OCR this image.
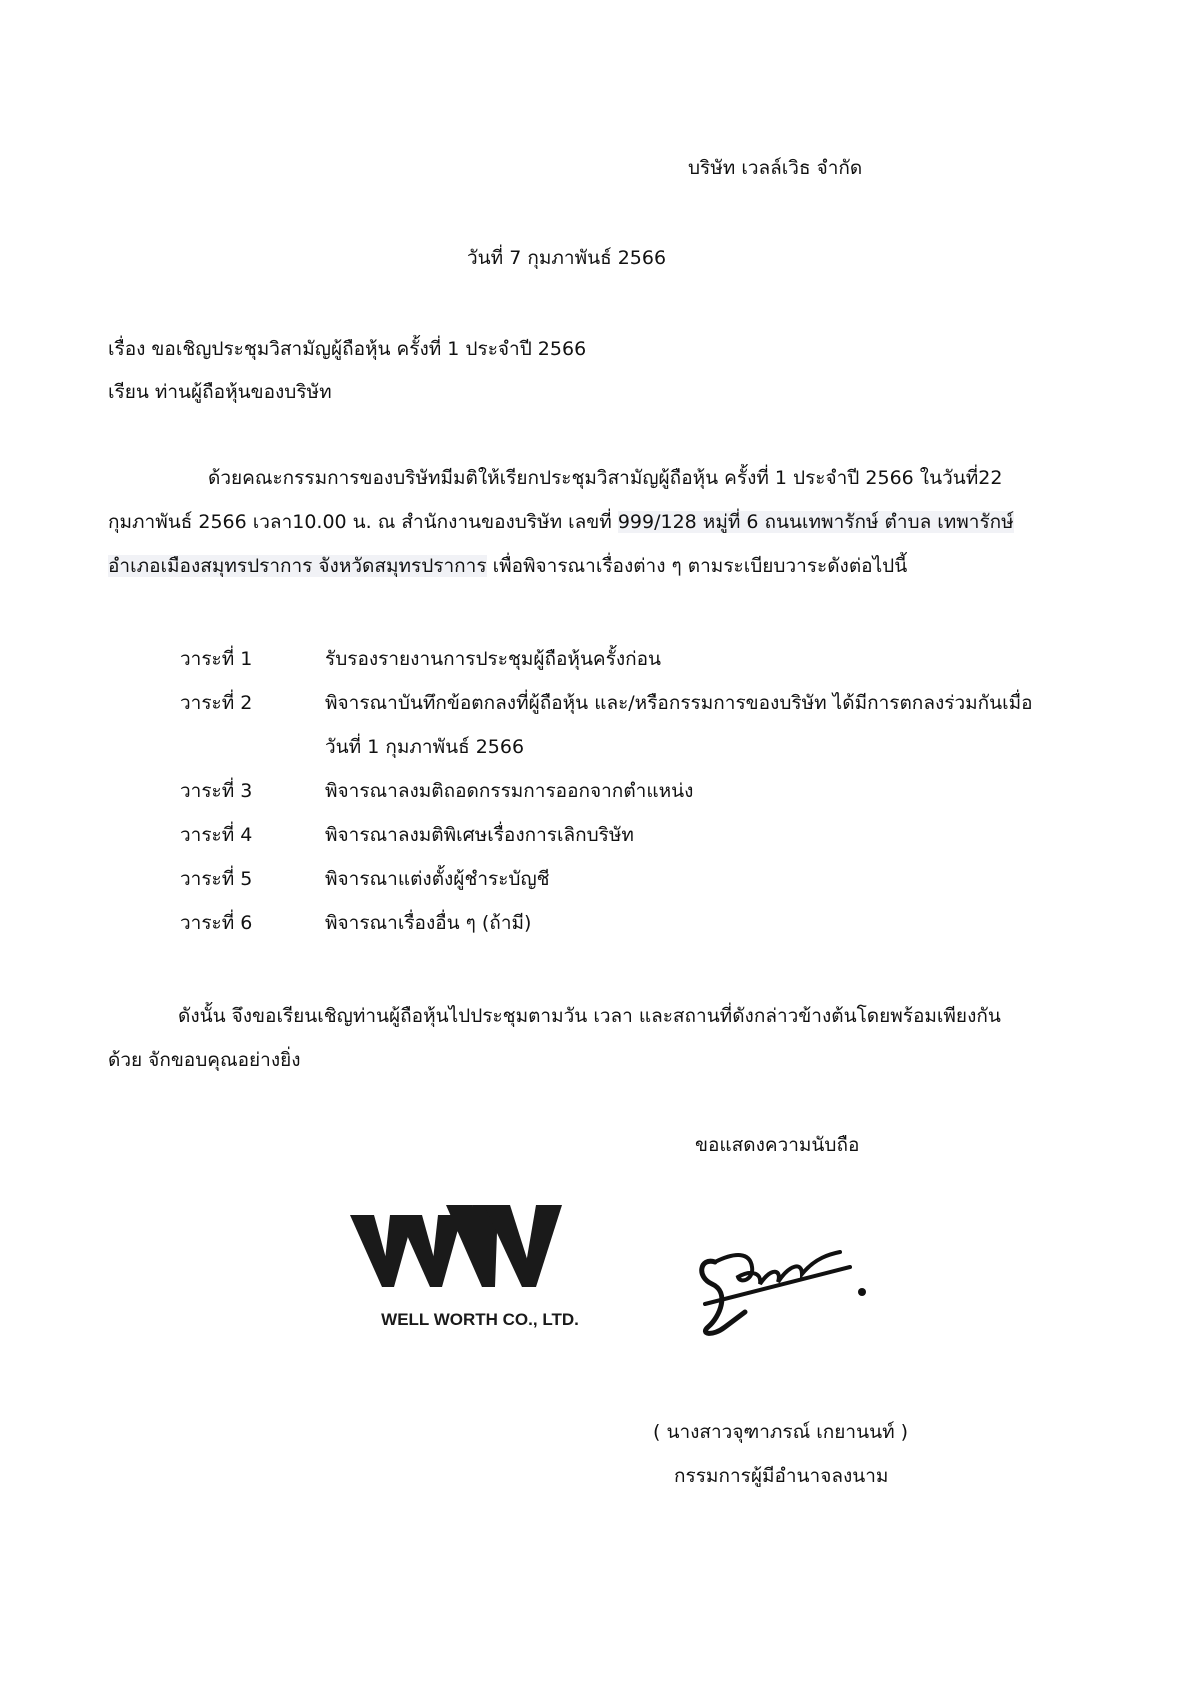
บริษัท เวลล์เวิธ จำกัด
วันที่ 7 กุมภาพันธ์ 2566
เรื่อง ขอเชิญประชุมวิสามัญผู้ถือหุ้น ครั้งที่ 1 ประจำปี 2566
เรียน ท่านผู้ถือหุ้นของบริษัท
ด้วยคณะกรรมการของบริษัทมีมติให้เรียกประชุมวิสามัญผู้ถือหุ้น ครั้งที่ 1 ประจำปี 2566 ในวันที่22
กุมภาพันธ์ 2566 เวลา10.00 น. ณ สำนักงานของบริษัท เลขที่ 999/128 หมู่ที่ 6 ถนนเทพารักษ์ ตำบล เทพารักษ์
อำเภอเมืองสมุทรปราการ จังหวัดสมุทรปราการ เพื่อพิจารณาเรื่องต่าง ๆ ตามระเบียบวาระดังต่อไปนี้
วาระที่ 1	รับรองรายงานการประชุมผู้ถือหุ้นครั้งก่อน
วาระที่ 2	พิจารณาบันทึกข้อตกลงที่ผู้ถือหุ้น และ/หรือกรรมการของบริษัท ได้มีการตกลงร่วมกันเมื่อ
วันที่ 1 กุมภาพันธ์ 2566
วาระที่ 3	พิจารณาลงมติถอดกรรมการออกจากตำแหน่ง
วาระที่ 4	พิจารณาลงมติพิเศษเรื่องการเลิกบริษัท
วาระที่ 5	พิจารณาแต่งตั้งผู้ชำระบัญชี
วาระที่ 6	พิจารณาเรื่องอื่น ๆ (ถ้ามี)
ดังนั้น จึงขอเรียนเชิญท่านผู้ถือหุ้นไปประชุมตามวัน เวลา และสถานที่ดังกล่าวข้างต้นโดยพร้อมเพียงกัน
ด้วย จักขอบคุณอย่างยิ่ง
ขอแสดงความนับถือ
WELL WORTH CO., LTD.
( นางสาวจุฑาภรณ์ เกยานนท์ )
กรรมการผู้มีอำนาจลงนาม
